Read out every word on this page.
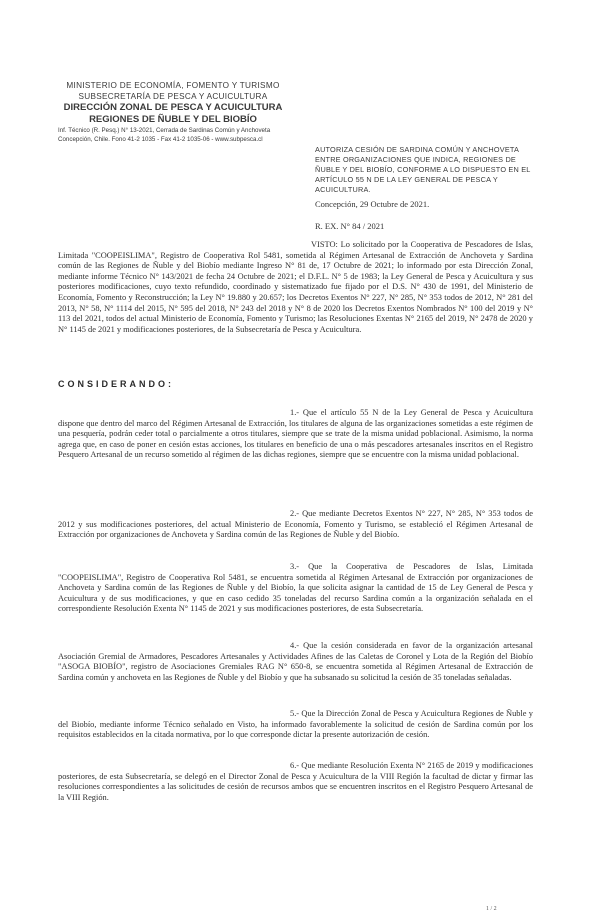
MINISTERIO DE ECONOMÍA, FOMENTO Y TURISMO
SUBSECRETARÍA DE PESCA Y ACUICULTURA
DIRECCIÓN ZONAL DE PESCA Y ACUICULTURA
REGIONES DE ÑUBLE Y DEL BIOBÍO
Inf. Técnico (R. Pesq.) N° 13-2021, Cerrada de Sardinas Común y Anchoveta
Concepción, Chile. Fono 41-2 1035 - Fax 41-2 1035-06 - www.subpesca.cl
AUTORIZA CESIÓN DE SARDINA COMÚN Y ANCHOVETA ENTRE ORGANIZACIONES QUE INDICA, REGIONES DE ÑUBLE Y DEL BIOBÍO, CONFORME A LO DISPUESTO EN EL ARTÍCULO 55 N DE LA LEY GENERAL DE PESCA Y ACUICULTURA.
Concepción, 29 Octubre de 2021.
R. EX. N° 84 / 2021
VISTO: Lo solicitado por la Cooperativa de Pescadores de Islas, Limitada "COOPEISLIMA", Registro de Cooperativa Rol 5481, sometida al Régimen Artesanal de Extracción de Anchoveta y Sardina común de las Regiones de Ñuble y del Biobío mediante Ingreso N° 81 de, 17 Octubre de 2021; lo informado por esta Dirección Zonal, mediante informe Técnico N° 143/2021 de fecha 24 Octubre de 2021; el D.F.L. N° 5 de 1983; la Ley General de Pesca y Acuicultura y sus posteriores modificaciones, cuyo texto refundido, coordinado y sistematizado fue fijado por el D.S. N° 430 de 1991, del Ministerio de Economía, Fomento y Reconstrucción; la Ley N° 19.880 y 20.657; los Decretos Exentos N° 227, N° 285, N° 353 todos de 2012, N° 281 del 2013, N° 58, N° 1114 del 2015, N° 595 del 2018, N° 243 del 2018 y N° 8 de 2020 los Decretos Exentos Nombrados N° 100 del 2019 y N° 113 del 2021, todos del actual Ministerio de Economía, Fomento y Turismo; las Resoluciones Exentas N° 2165 del 2019, N° 2478 de 2020 y N° 1145 de 2021 y modificaciones posteriores, de la Subsecretaría de Pesca y Acuicultura.
CONSIDERANDO:
1.- Que el artículo 55 N de la Ley General de Pesca y Acuicultura dispone que dentro del marco del Régimen Artesanal de Extracción, los titulares de alguna de las organizaciones sometidas a este régimen de una pesquería, podrán ceder total o parcialmente a otros titulares, siempre que se trate de la misma unidad poblacional. Asimismo, la norma agrega que, en caso de poner en cesión estas acciones, los titulares en beneficio de una o más pescadores artesanales inscritos en el Registro Pesquero Artesanal de un recurso sometido al régimen de las dichas regiones, siempre que se encuentre con la misma unidad poblacional.
2.- Que mediante Decretos Exentos N° 227, N° 285, N° 353 todos de 2012 y sus modificaciones posteriores, del actual Ministerio de Economía, Fomento y Turismo, se estableció el Régimen Artesanal de Extracción por organizaciones de Anchoveta y Sardina común de las Regiones de Ñuble y del Biobío.
3.- Que la Cooperativa de Pescadores de Islas, Limitada "COOPEISLIMA", Registro de Cooperativa Rol 5481, se encuentra sometida al Régimen Artesanal de Extracción por organizaciones de Anchoveta y Sardina común de las Regiones de Ñuble y del Biobío, la que solicita asignar la cantidad de 15 de Ley General de Pesca y Acuicultura y de sus modificaciones, y que en caso cedido 35 toneladas del recurso Sardina común a la organización señalada en el correspondiente Resolución Exenta N° 1145 de 2021 y sus modificaciones posteriores, de esta Subsecretaría.
4.- Que la cesión considerada en favor de la organización artesanal Asociación Gremial de Armadores, Pescadores Artesanales y Actividades Afines de las Caletas de Coronel y Lota de la Región del Biobío "ASOGA BIOBÍO", registro de Asociaciones Gremiales RAG N° 650-8, se encuentra sometida al Régimen Artesanal de Extracción de Sardina común y anchoveta en las Regiones de Ñuble y del Biobío y que ha subsanado su solicitud la cesión de 35 toneladas señaladas.
5.- Que la Dirección Zonal de Pesca y Acuicultura Regiones de Ñuble y del Biobío, mediante informe Técnico señalado en Visto, ha informado favorablemente la solicitud de cesión de Sardina común por los requisitos establecidos en la citada normativa, por lo que corresponde dictar la presente autorización de cesión.
6.- Que mediante Resolución Exenta N° 2165 de 2019 y modificaciones posteriores, de esta Subsecretaría, se delegó en el Director Zonal de Pesca y Acuicultura de la VIII Región la facultad de dictar y firmar las resoluciones correspondientes a las solicitudes de cesión de recursos ambos que se encuentren inscritos en el Registro Pesquero Artesanal de la VIII Región.
1 / 2
